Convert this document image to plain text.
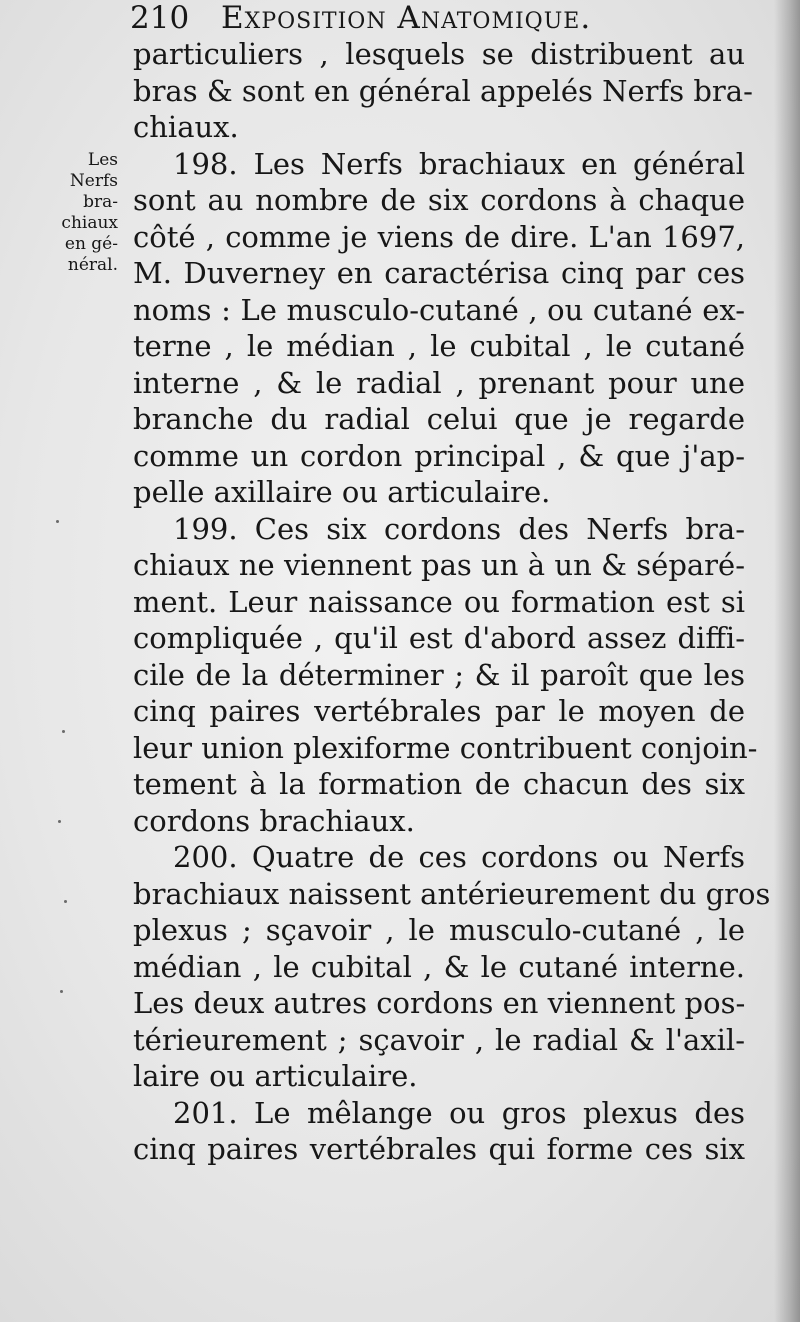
210 Exposition Anatomique.
Les
Nerfs
bra-
chiaux
en gé-
néral.
particuliers , lesquels se distribuent au
bras & sont en général appelés Nerfs bra-
chiaux.
198. Les Nerfs brachiaux en général
sont au nombre de six cordons à chaque
côté , comme je viens de dire. L'an 1697,
M. Duverney en caractérisa cinq par ces
noms : Le musculo-cutané , ou cutané ex-
terne , le médian , le cubital , le cutané
interne , & le radial , prenant pour une
branche du radial celui que je regarde
comme un cordon principal , & que j'ap-
pelle axillaire ou articulaire.
199. Ces six cordons des Nerfs bra-
chiaux ne viennent pas un à un & séparé-
ment. Leur naissance ou formation est si
compliquée , qu'il est d'abord assez diffi-
cile de la déterminer ; & il paroît que les
cinq paires vertébrales par le moyen de
leur union plexiforme contribuent conjoin-
tement à la formation de chacun des six
cordons brachiaux.
200. Quatre de ces cordons ou Nerfs
brachiaux naissent antérieurement du gros
plexus ; sçavoir , le musculo-cutané , le
médian , le cubital , & le cutané interne.
Les deux autres cordons en viennent pos-
térieurement ; sçavoir , le radial & l'axil-
laire ou articulaire.
201. Le mêlange ou gros plexus des
cinq paires vertébrales qui forme ces six
